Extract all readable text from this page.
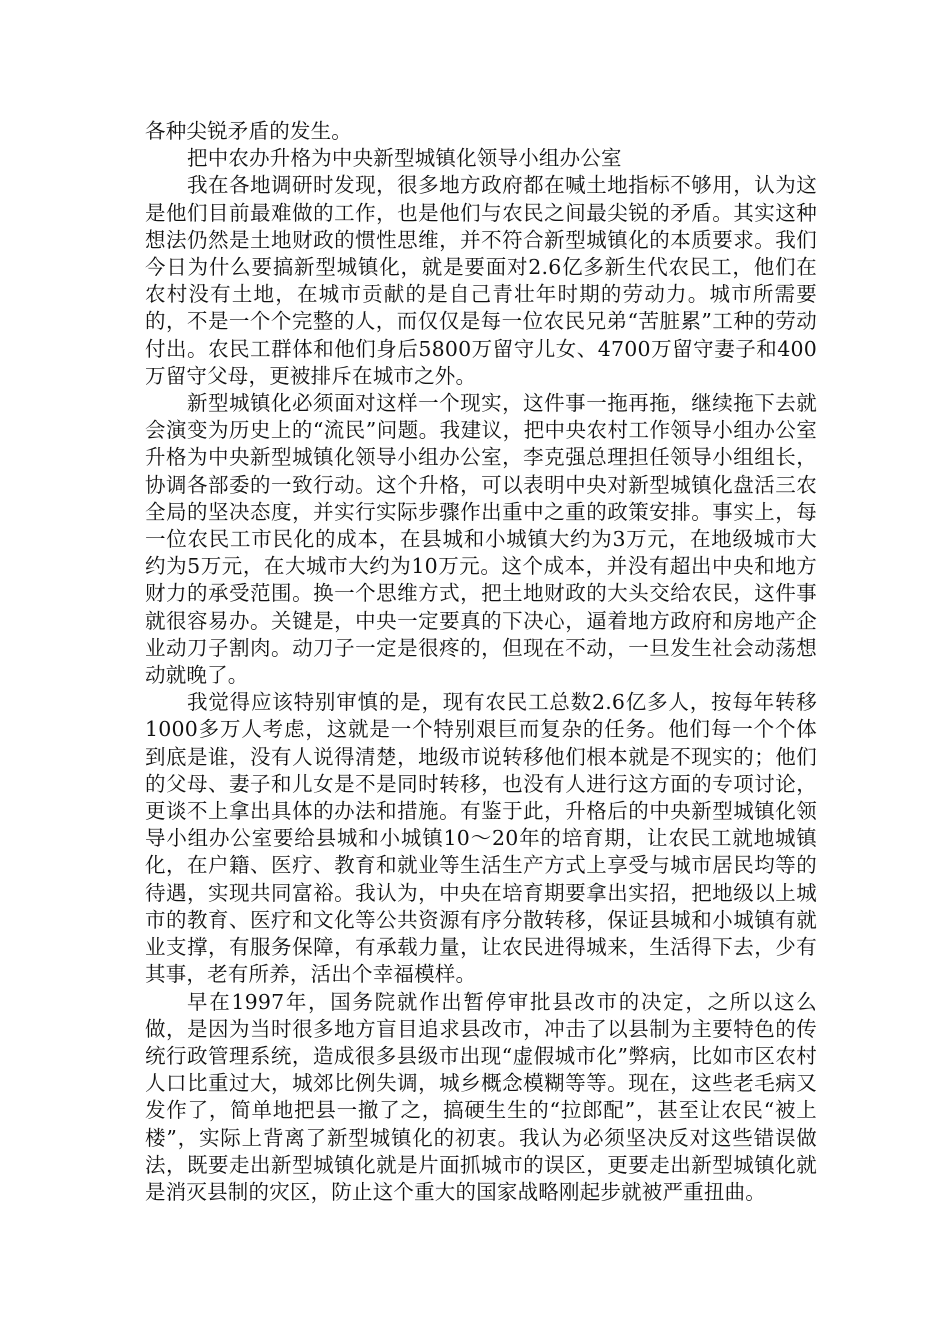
各种尖锐矛盾的发生。

把中农办升格为中央新型城镇化领导小组办公室

我在各地调研时发现，很多地方政府都在喊土地指标不够用，认为这是他们目前最难做的工作，也是他们与农民之间最尖锐的矛盾。其实这种想法仍然是土地财政的惯性思维，并不符合新型城镇化的本质要求。我们今日为什么要搞新型城镇化，就是要面对2.6亿多新生代农民工，他们在农村没有土地，在城市贡献的是自己青壮年时期的劳动力。城市所需要的，不是一个个完整的人，而仅仅是每一位农民兄弟“苦脏累”工种的劳动付出。农民工群体和他们身后5800万留守儿女、4700万留守妻子和400万留守父母，更被排斥在城市之外。

新型城镇化必须面对这样一个现实，这件事一拖再拖，继续拖下去就会演变为历史上的“流民”问题。我建议，把中央农村工作领导小组办公室升格为中央新型城镇化领导小组办公室，李克强总理担任领导小组组长，协调各部委的一致行动。这个升格，可以表明中央对新型城镇化盘活三农全局的坚决态度，并实行实际步骤作出重中之重的政策安排。事实上，每一位农民工市民化的成本，在县城和小城镇大约为3万元，在地级城市大约为5万元，在大城市大约为10万元。这个成本，并没有超出中央和地方财力的承受范围。换一个思维方式，把土地财政的大头交给农民，这件事就很容易办。关键是，中央一定要真的下决心，逼着地方政府和房地产企业动刀子割肉。动刀子一定是很疼的，但现在不动，一旦发生社会动荡想动就晚了。

我觉得应该特别审慎的是，现有农民工总数2.6亿多人，按每年转移1000多万人考虑，这就是一个特别艰巨而复杂的任务。他们每一个个体到底是谁，没有人说得清楚，地级市说转移他们根本就是不现实的；他们的父母、妻子和儿女是不是同时转移，也没有人进行这方面的专项讨论，更谈不上拿出具体的办法和措施。有鉴于此，升格后的中央新型城镇化领导小组办公室要给县城和小城镇10～20年的培育期，让农民工就地城镇化，在户籍、医疗、教育和就业等生活生产方式上享受与城市居民均等的待遇，实现共同富裕。我认为，中央在培育期要拿出实招，把地级以上城市的教育、医疗和文化等公共资源有序分散转移，保证县城和小城镇有就业支撑，有服务保障，有承载力量，让农民进得城来，生活得下去，少有其事，老有所养，活出个幸福模样。

早在1997年，国务院就作出暂停审批县改市的决定，之所以这么做，是因为当时很多地方盲目追求县改市，冲击了以县制为主要特色的传统行政管理系统，造成很多县级市出现“虚假城市化”弊病，比如市区农村人口比重过大，城郊比例失调，城乡概念模糊等等。现在，这些老毛病又发作了，简单地把县一撤了之，搞硬生生的“拉郎配”，甚至让农民“被上楼”，实际上背离了新型城镇化的初衷。我认为必须坚决反对这些错误做法，既要走出新型城镇化就是片面抓城市的误区，更要走出新型城镇化就是消灭县制的灾区，防止这个重大的国家战略刚起步就被严重扭曲。
